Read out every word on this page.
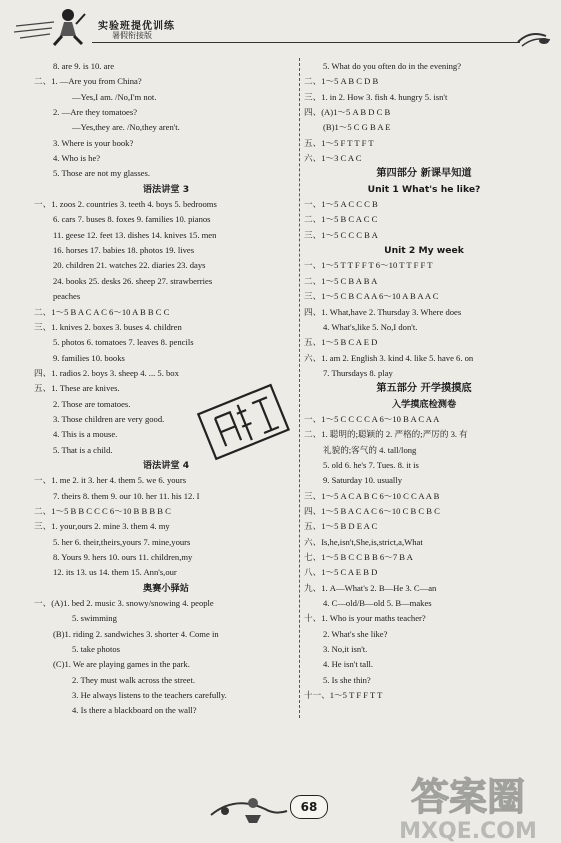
实验班提优训练
暑假衔接版
8. are 9. is 10. are
二、1. —Are you from China?
—Yes,I am. /No,I'm not.
2. —Are they tomatoes?
—Yes,they are. /No,they aren't.
3. Where is your book?
4. Who is he?
5. Those are not my glasses.
语法讲堂 3
一、1. zoos 2. countries 3. teeth 4. boys 5. bedrooms
6. cars 7. buses 8. foxes 9. families 10. pianos
11. geese 12. feet 13. dishes 14. knives 15. men
16. horses 17. babies 18. photos 19. lives
20. children 21. watches 22. diaries 23. days
24. books 25. desks 26. sheep 27. strawberries
peaches
二、1～5 B A C A C 6～10 A B B C C
三、1. knives 2. boxes 3. buses 4. children
5. photos 6. tomatoes 7. leaves 8. pencils
9. families 10. books
四、1. radios 2. boys 3. sheep 4. ... 5. box
五、1. These are knives.
2. Those are tomatoes.
3. Those children are very good.
4. This is a mouse.
5. That is a child.
语法讲堂 4
一、1. me 2. it 3. her 4. them 5. we 6. yours
7. theirs 8. them 9. our 10. her 11. his 12. I
二、1～5 B B C C C 6～10 B B B B C
三、1. your,ours 2. mine 3. them 4. my
5. her 6. their,theirs,yours 7. mine,yours
8. Yours 9. hers 10. ours 11. children,my
12. its 13. us 14. them 15. Ann's,our
奥赛小驿站
一、(A)1. bed 2. music 3. snowy/snowing 4. people
5. swimming
(B)1. riding 2. sandwiches 3. shorter 4. Come in
5. take photos
(C)1. We are playing games in the park.
2. They must walk across the street.
3. He always listens to the teachers carefully.
4. Is there a blackboard on the wall?
5. What do you often do in the evening?
二、1～5 A B C D B
三、1. in 2. How 3. fish 4. hungry 5. isn't
四、(A)1～5 A B D C B
(B)1～5 C G B A E
五、1～5 F T T F T
六、1～3 C A C
第四部分 新课早知道
Unit 1 What's he like?
一、1～5 A C C C B
二、1～5 B C A C C
三、1～5 C C C B A
Unit 2 My week
一、1～5 T T F F T 6～10 T T F F T
二、1～5 C B A B A
三、1～5 C B C A A 6～10 A B A A C
四、1. What,have 2. Thursday 3. Where does
4. What's,like 5. No,I don't.
五、1～5 B C A E D
六、1. am 2. English 3. kind 4. like 5. have 6. on
7. Thursdays 8. play
第五部分 开学摸摸底
入学摸底检测卷
一、1～5 C C C C A 6～10 B A C A A
二、1. 聪明的;聪颖的 2. 严格的;严厉的 3. 有
礼貌的;客气的 4. tall/long
5. old 6. he's 7. Tues. 8. it is
9. Saturday 10. usually
三、1～5 A C A B C 6～10 C C A A B
四、1～5 B A C A C 6～10 C B C B C
五、1～5 B D E A C
六、Is,he,isn't,She,is,strict,a,What
七、1～5 B C C B B 6～7 B A
八、1～5 C A E B D
九、1. A—What's 2. B—He 3. C—an
4. C—old/B—old 5. B—makes
十、1. Who is your maths teacher?
2. What's she like?
3. No,it isn't.
4. He isn't tall.
5. Is she thin?
十一、1～5 T F F T T
68 答案圈
MXQE.COM
